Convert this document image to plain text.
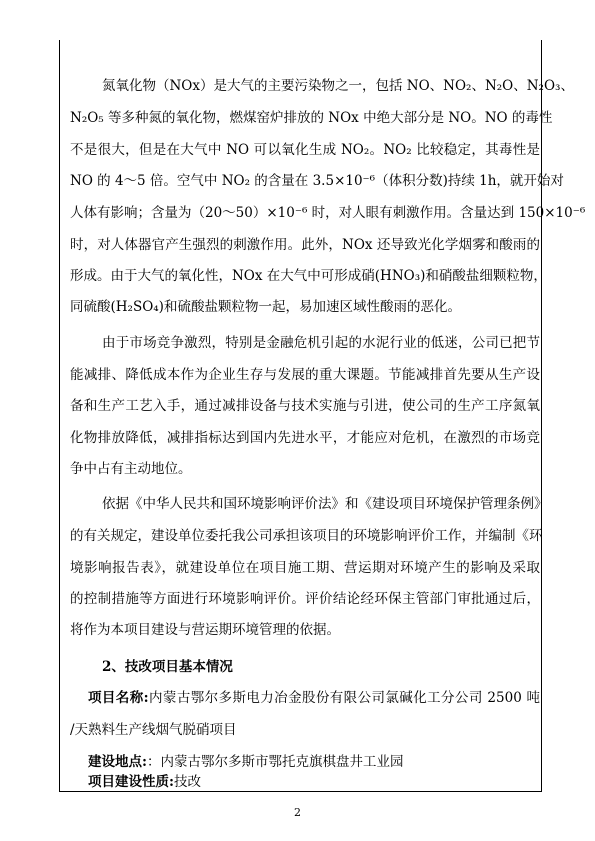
氮氧化物（NOx）是大气的主要污染物之一，包括 NO、NO₂、N₂O、N₂O₃、
N₂O₅ 等多种氮的氧化物，燃煤窑炉排放的 NOx 中绝大部分是 NO。NO 的毒性
不是很大，但是在大气中 NO 可以氧化生成 NO₂。NO₂ 比较稳定，其毒性是
NO 的 4～5 倍。空气中 NO₂ 的含量在 3.5×10⁻⁶（体积分数)持续 1h，就开始对
人体有影响；含量为（20～50）×10⁻⁶ 时，对人眼有刺激作用。含量达到 150×10⁻⁶
时，对人体器官产生强烈的刺激作用。此外，NOx 还导致光化学烟雾和酸雨的
形成。由于大气的氧化性，NOx 在大气中可形成硝(HNO₃)和硝酸盐细颗粒物，
同硫酸(H₂SO₄)和硫酸盐颗粒物一起，易加速区域性酸雨的恶化。
由于市场竞争激烈，特别是金融危机引起的水泥行业的低迷，公司已把节
能减排、降低成本作为企业生存与发展的重大课题。节能减排首先要从生产设
备和生产工艺入手，通过减排设备与技术实施与引进，使公司的生产工序氮氧
化物排放降低，减排指标达到国内先进水平，才能应对危机，在激烈的市场竞
争中占有主动地位。
依据《中华人民共和国环境影响评价法》和《建设项目环境保护管理条例》
的有关规定，建设单位委托我公司承担该项目的环境影响评价工作，并编制《环
境影响报告表》，就建设单位在项目施工期、营运期对环境产生的影响及采取
的控制措施等方面进行环境影响评价。评价结论经环保主管部门审批通过后，
将作为本项目建设与营运期环境管理的依据。
2、技改项目基本情况
项目名称:内蒙古鄂尔多斯电力冶金股份有限公司氯碱化工分公司 2500 吨
/天熟料生产线烟气脱硝项目
建设地点:：内蒙古鄂尔多斯市鄂托克旗棋盘井工业园
项目建设性质:技改
2
